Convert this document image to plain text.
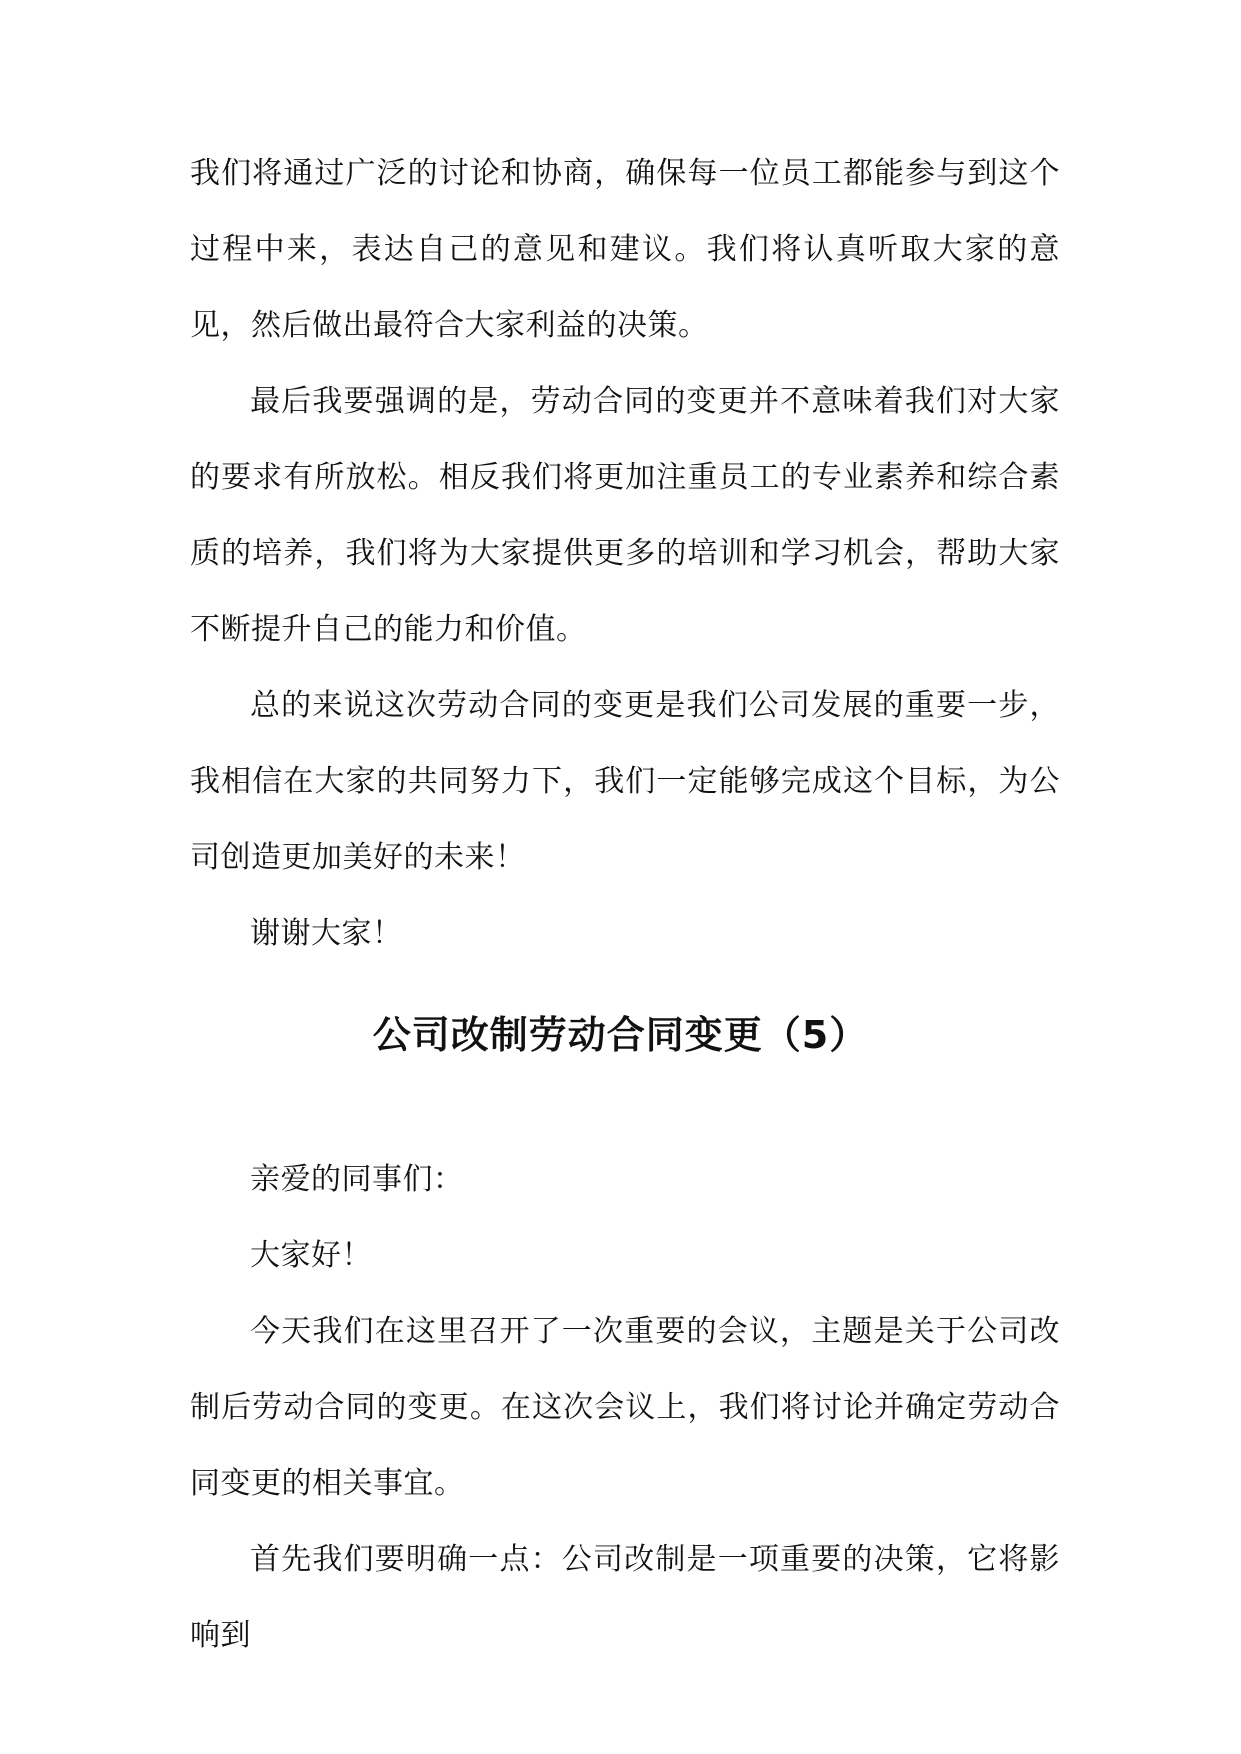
我们将通过广泛的讨论和协商，确保每一位员工都能参与到这个过程中来，表达自己的意见和建议。我们将认真听取大家的意见，然后做出最符合大家利益的决策。

最后我要强调的是，劳动合同的变更并不意味着我们对大家的要求有所放松。相反我们将更加注重员工的专业素养和综合素质的培养，我们将为大家提供更多的培训和学习机会，帮助大家不断提升自己的能力和价值。

总的来说这次劳动合同的变更是我们公司发展的重要一步，我相信在大家的共同努力下，我们一定能够完成这个目标，为公司创造更加美好的未来！

谢谢大家！

公司改制劳动合同变更（5）

亲爱的同事们：

大家好！

今天我们在这里召开了一次重要的会议，主题是关于公司改制后劳动合同的变更。在这次会议上，我们将讨论并确定劳动合同变更的相关事宜。

首先我们要明确一点：公司改制是一项重要的决策，它将影响到
